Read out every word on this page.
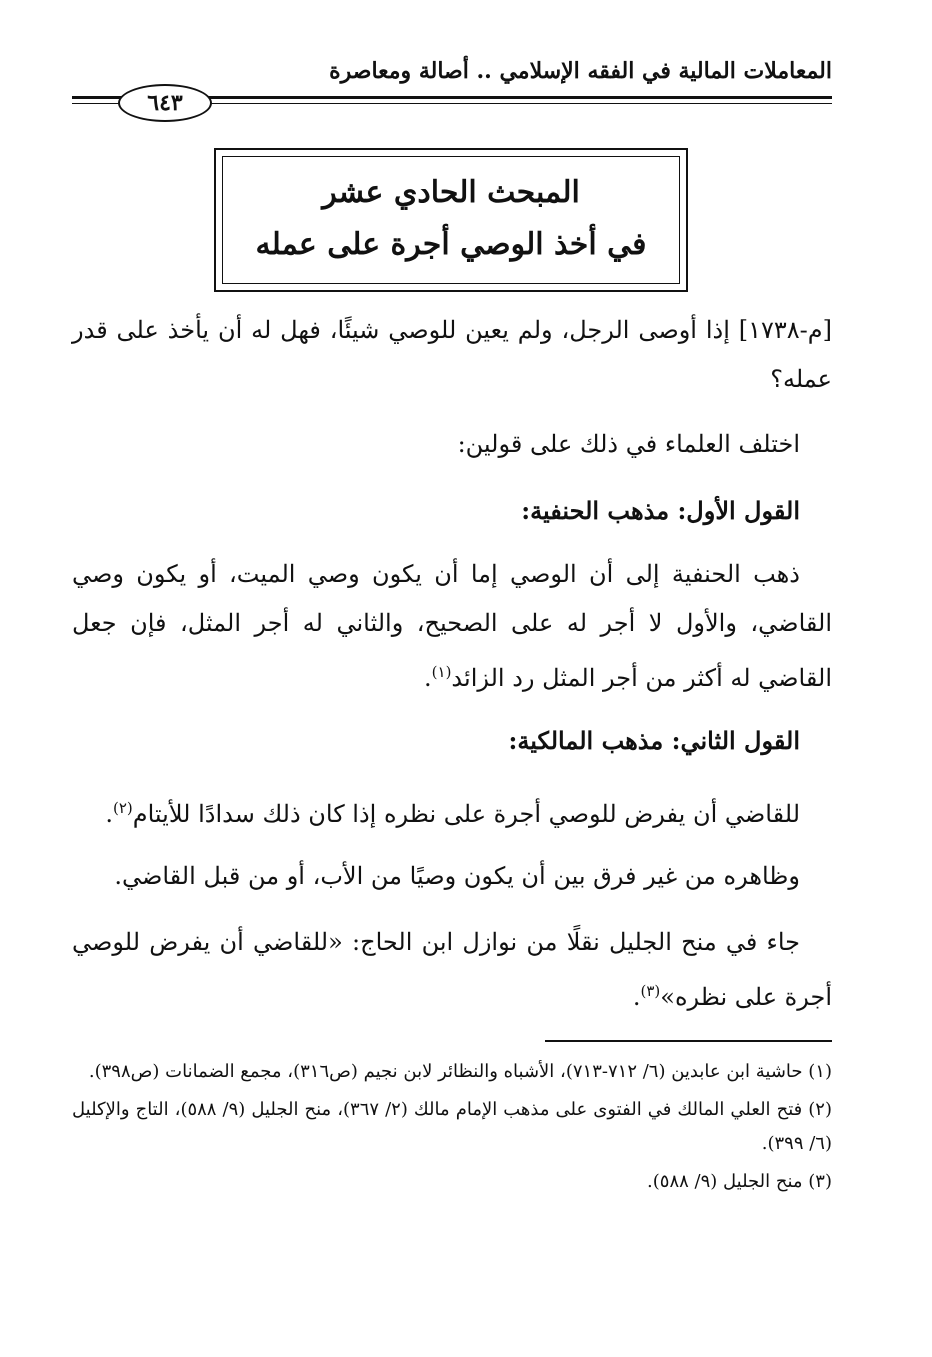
المعاملات المالية في الفقه الإسلامي .. أصالة ومعاصرة
٦٤٣
المبحث الحادي عشر
في أخذ الوصي أجرة على عمله

[م-١٧٣٨] إذا أوصى الرجل، ولم يعين للوصي شيئًا، فهل له أن يأخذ على قدر عمله؟

اختلف العلماء في ذلك على قولين:

القول الأول: مذهب الحنفية:

ذهب الحنفية إلى أن الوصي إما أن يكون وصي الميت، أو يكون وصي القاضي، والأول لا أجر له على الصحيح، والثاني له أجر المثل، فإن جعل القاضي له أكثر من أجر المثل رد الزائد$^{(١)}$.

القول الثاني: مذهب المالكية:

للقاضي أن يفرض للوصي أجرة على نظره إذا كان ذلك سدادًا للأيتام$^{(٢)}$.

وظاهره من غير فرق بين أن يكون وصيًا من الأب، أو من قبل القاضي.

جاء في منح الجليل نقلًا من نوازل ابن الحاج: «للقاضي أن يفرض للوصي أجرة على نظره»$^{(٣)}$.

(١) حاشية ابن عابدين (٦/ ٧١٢-٧١٣)، الأشباه والنظائر لابن نجيم (ص٣١٦)، مجمع الضمانات (ص٣٩٨).

(٢) فتح العلي المالك في الفتوى على مذهب الإمام مالك (٢/ ٣٦٧)، منح الجليل (٩/ ٥٨٨)، التاج والإكليل (٦/ ٣٩٩).

(٣) منح الجليل (٩/ ٥٨٨).
